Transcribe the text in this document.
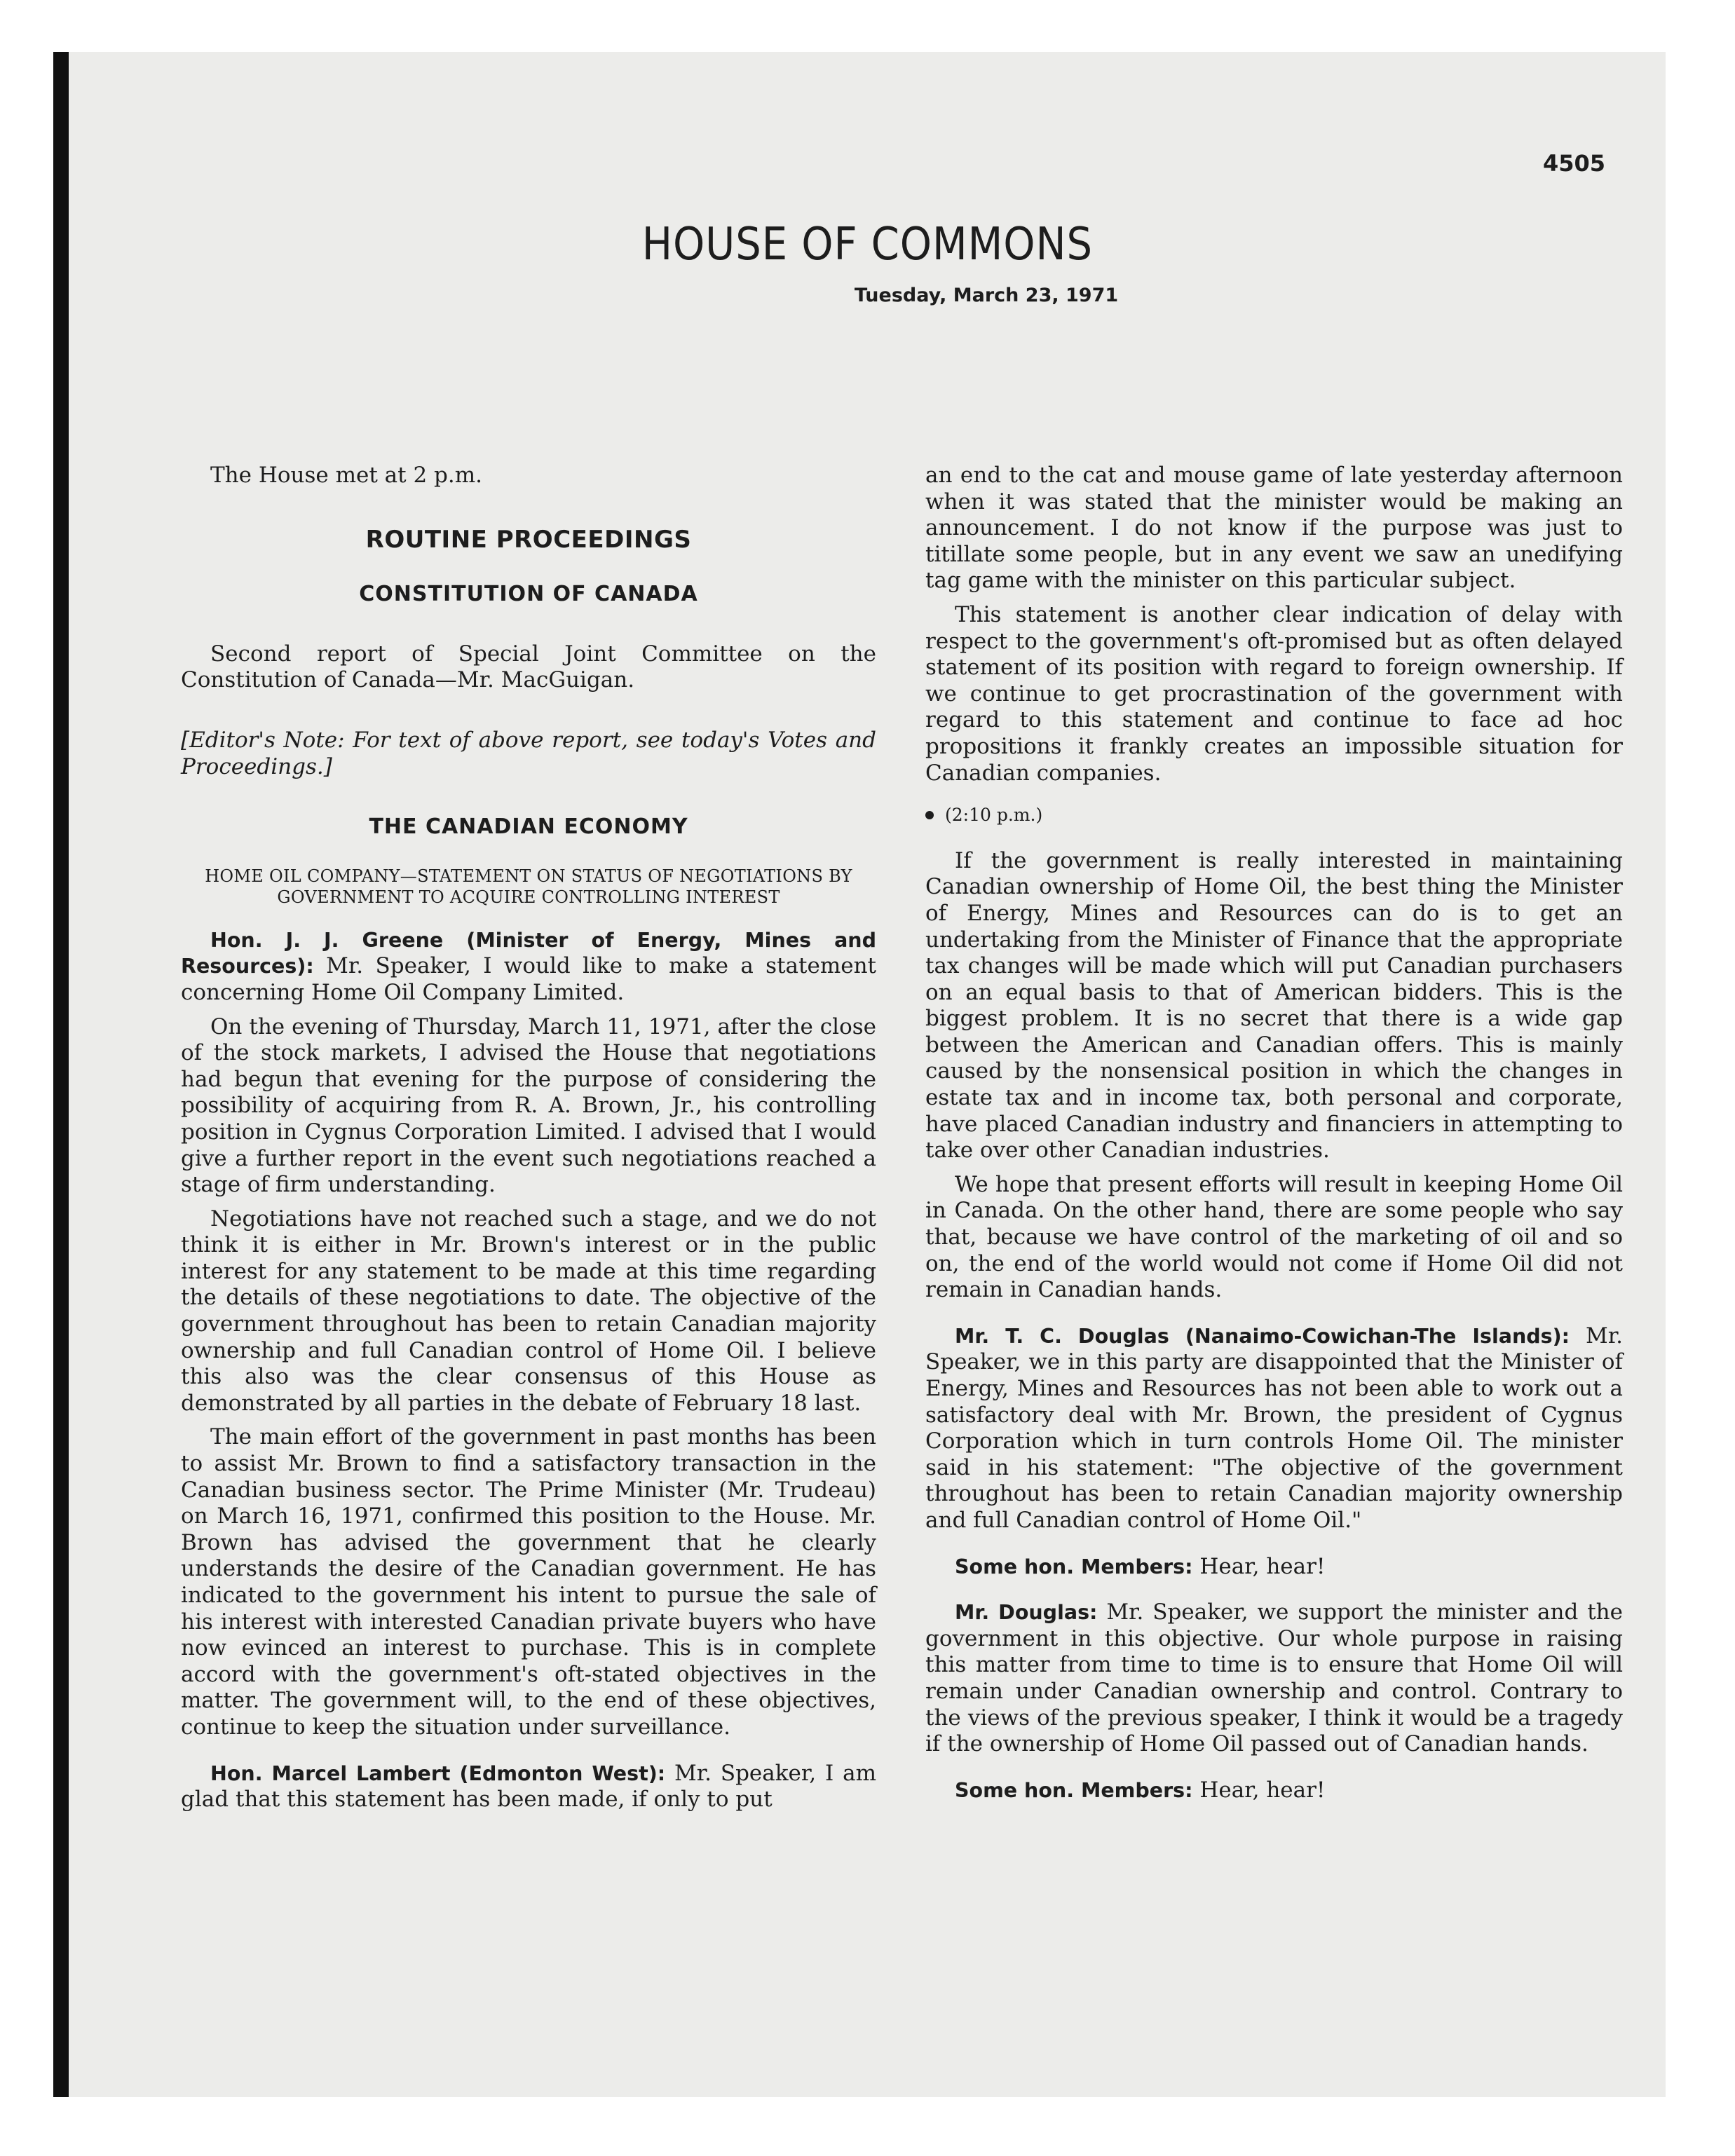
4505
HOUSE OF COMMONS
Tuesday, March 23, 1971

The House met at 2 p.m.

ROUTINE PROCEEDINGS
CONSTITUTION OF CANADA

Second report of Special Joint Committee on the Constitution of Canada—Mr. MacGuigan.

[Editor's Note: For text of above report, see today's Votes and Proceedings.]

THE CANADIAN ECONOMY
HOME OIL COMPANY—STATEMENT ON STATUS OF NEGOTIATIONS BY GOVERNMENT TO ACQUIRE CONTROLLING INTEREST

Hon. J. J. Greene (Minister of Energy, Mines and Resources): Mr. Speaker, I would like to make a statement concerning Home Oil Company Limited.

On the evening of Thursday, March 11, 1971, after the close of the stock markets, I advised the House that negotiations had begun that evening for the purpose of considering the possibility of acquiring from R. A. Brown, Jr., his controlling position in Cygnus Corporation Limited. I advised that I would give a further report in the event such negotiations reached a stage of firm understanding.

Negotiations have not reached such a stage, and we do not think it is either in Mr. Brown's interest or in the public interest for any statement to be made at this time regarding the details of these negotiations to date. The objective of the government throughout has been to retain Canadian majority ownership and full Canadian control of Home Oil. I believe this also was the clear consensus of this House as demonstrated by all parties in the debate of February 18 last.

The main effort of the government in past months has been to assist Mr. Brown to find a satisfactory transaction in the Canadian business sector. The Prime Minister (Mr. Trudeau) on March 16, 1971, confirmed this position to the House. Mr. Brown has advised the government that he clearly understands the desire of the Canadian government. He has indicated to the government his intent to pursue the sale of his interest with interested Canadian private buyers who have now evinced an interest to purchase. This is in complete accord with the government's oft-stated objectives in the matter. The government will, to the end of these objectives, continue to keep the situation under surveillance.

Hon. Marcel Lambert (Edmonton West): Mr. Speaker, I am glad that this statement has been made, if only to put

an end to the cat and mouse game of late yesterday afternoon when it was stated that the minister would be making an announcement. I do not know if the purpose was just to titillate some people, but in any event we saw an unedifying tag game with the minister on this particular subject.

This statement is another clear indication of delay with respect to the government's oft-promised but as often delayed statement of its position with regard to foreign ownership. If we continue to get procrastination of the government with regard to this statement and continue to face ad hoc propositions it frankly creates an impossible situation for Canadian companies.

(2:10 p.m.)

If the government is really interested in maintaining Canadian ownership of Home Oil, the best thing the Minister of Energy, Mines and Resources can do is to get an undertaking from the Minister of Finance that the appropriate tax changes will be made which will put Canadian purchasers on an equal basis to that of American bidders. This is the biggest problem. It is no secret that there is a wide gap between the American and Canadian offers. This is mainly caused by the nonsensical position in which the changes in estate tax and in income tax, both personal and corporate, have placed Canadian industry and financiers in attempting to take over other Canadian industries.

We hope that present efforts will result in keeping Home Oil in Canada. On the other hand, there are some people who say that, because we have control of the marketing of oil and so on, the end of the world would not come if Home Oil did not remain in Canadian hands.

Mr. T. C. Douglas (Nanaimo-Cowichan-The Islands): Mr. Speaker, we in this party are disappointed that the Minister of Energy, Mines and Resources has not been able to work out a satisfactory deal with Mr. Brown, the president of Cygnus Corporation which in turn controls Home Oil. The minister said in his statement: "The objective of the government throughout has been to retain Canadian majority ownership and full Canadian control of Home Oil."

Some hon. Members: Hear, hear!

Mr. Douglas: Mr. Speaker, we support the minister and the government in this objective. Our whole purpose in raising this matter from time to time is to ensure that Home Oil will remain under Canadian ownership and control. Contrary to the views of the previous speaker, I think it would be a tragedy if the ownership of Home Oil passed out of Canadian hands.

Some hon. Members: Hear, hear!
